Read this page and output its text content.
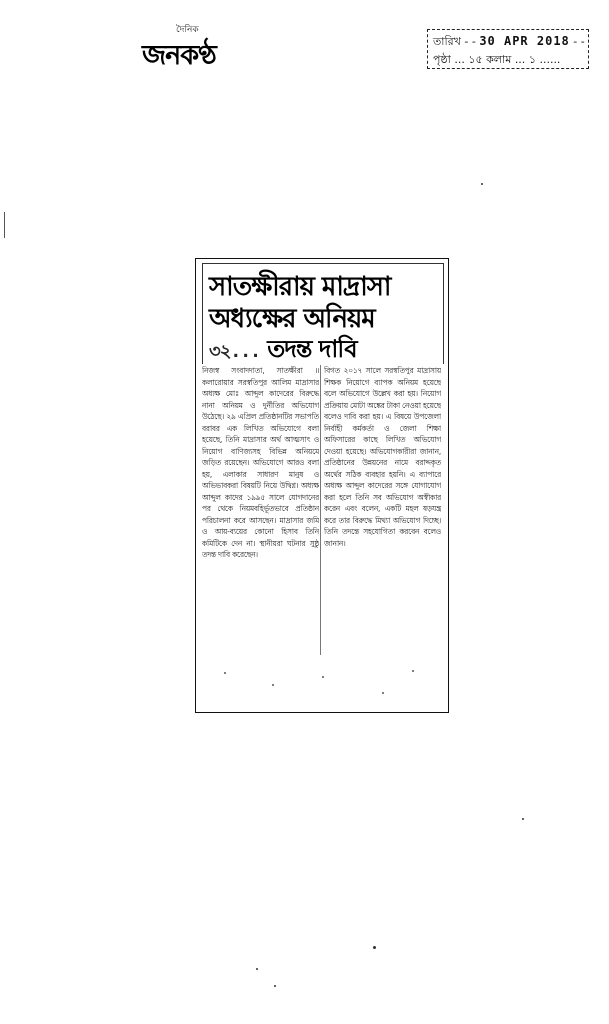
দৈনিক
জনকণ্ঠ	তারিখ - - 30 APR 2018 - -
পৃষ্ঠা ... ১৫ কলাম ... ১ ......
সাতক্ষীরায় মাদ্রাসা
অধ্যক্ষের অনিয়ম
৩২... তদন্ত দাবি
নিজস্ব সংবাদদাতা, সাতক্ষীরা ॥ কলারোয়ার সরস্বতিপুর আলিম মাদ্রাসার অধ্যক্ষ মোঃ আব্দুল কাদেরের বিরুদ্ধে নানা অনিয়ম ও দুর্নীতির অভিযোগ উঠেছে। ২৯ এপ্রিল প্রতিষ্ঠানটির সভাপতি বরাবর এক লিখিত অভিযোগে বলা হয়েছে, তিনি মাদ্রাসার অর্থ আত্মসাৎ ও নিয়োগ বাণিজ্যসহ বিভিন্ন অনিয়মে জড়িত রয়েছেন। অভিযোগে আরও বলা হয়, এলাকার সাধারণ মানুষ ও অভিভাবকরা বিষয়টি নিয়ে উদ্বিগ্ন। অধ্যক্ষ আব্দুল কাদের ১৯৯৫ সালে যোগদানের পর থেকে নিয়মবহির্ভূতভাবে প্রতিষ্ঠান পরিচালনা করে আসছেন। মাদ্রাসার জমি ও আয়-ব্যয়ের কোনো হিসাব তিনি কমিটিকে দেন না। স্থানীয়রা ঘটনার সুষ্ঠু তদন্ত দাবি করেছেন।
বিগত ২০১৭ সালে সরস্বতিপুর মাদ্রাসায় শিক্ষক নিয়োগে ব্যাপক অনিয়ম হয়েছে বলে অভিযোগে উল্লেখ করা হয়। নিয়োগ প্রক্রিয়ায় মোটা অঙ্কের টাকা নেওয়া হয়েছে বলেও দাবি করা হয়। এ বিষয়ে উপজেলা নির্বাহী কর্মকর্তা ও জেলা শিক্ষা অফিসারের কাছে লিখিত অভিযোগ দেওয়া হয়েছে। অভিযোগকারীরা জানান, প্রতিষ্ঠানের উন্নয়নের নামে বরাদ্দকৃত অর্থের সঠিক ব্যবহার হয়নি। এ ব্যাপারে অধ্যক্ষ আব্দুল কাদেরের সঙ্গে যোগাযোগ করা হলে তিনি সব অভিযোগ অস্বীকার করেন এবং বলেন, একটি মহল ষড়যন্ত্র করে তার বিরুদ্ধে মিথ্যা অভিযোগ দিচ্ছে। তিনি তদন্তে সহযোগিতা করবেন বলেও জানান।
